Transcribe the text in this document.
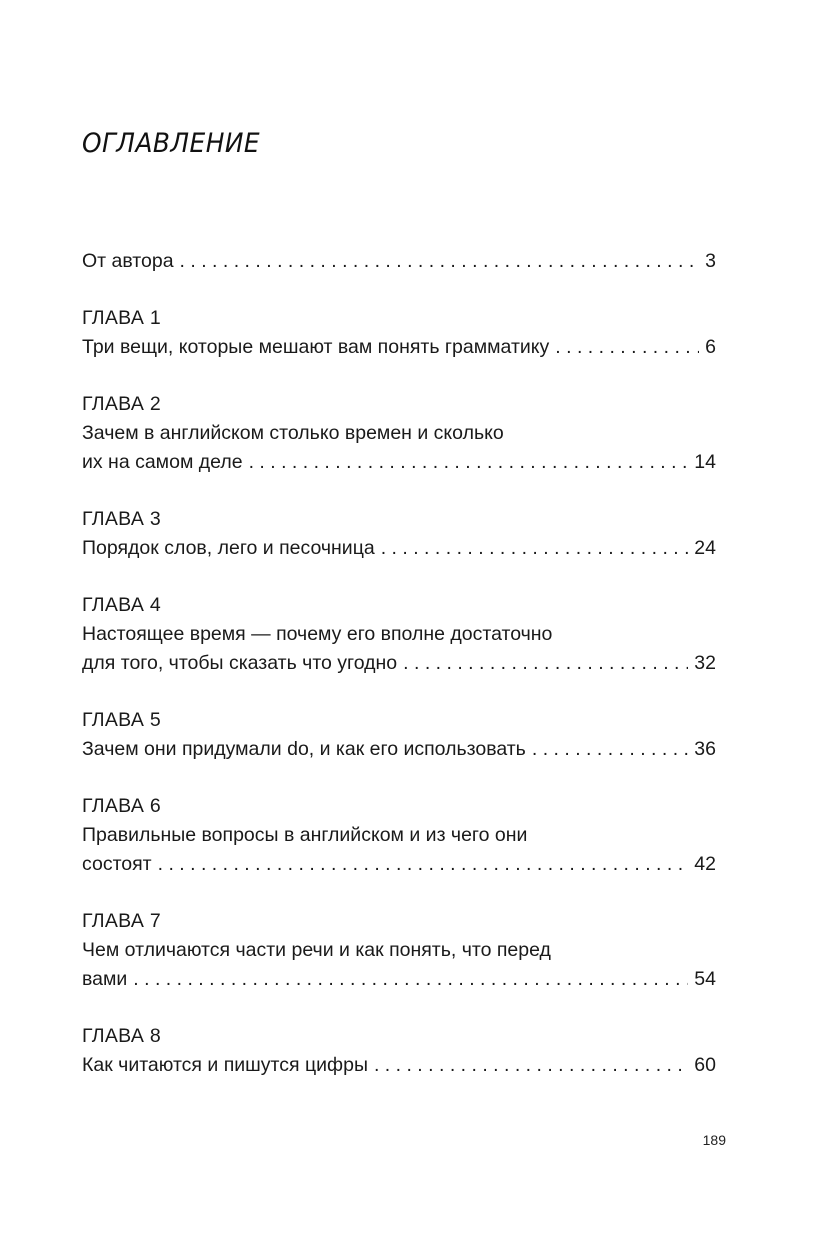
ОГЛАВЛЕНИЕ
От автора . . .	3
ГЛАВА 1
Три вещи, которые мешают вам понять грамматику . . .	6
ГЛАВА 2
Зачем в английском столько времен и сколько
их на самом деле . . .	14
ГЛАВА 3
Порядок слов, лего и песочница . . .	24
ГЛАВА 4
Настоящее время — почему его вполне достаточно
для того, чтобы сказать что угодно . . .	32
ГЛАВА 5
Зачем они придумали do, и как его использовать . . .	36
ГЛАВА 6
Правильные вопросы в английском и из чего они
состоят . . .	42
ГЛАВА 7
Чем отличаются части речи и как понять, что перед
вами . . .	54
ГЛАВА 8
Как читаются и пишутся цифры . . .	60

189
